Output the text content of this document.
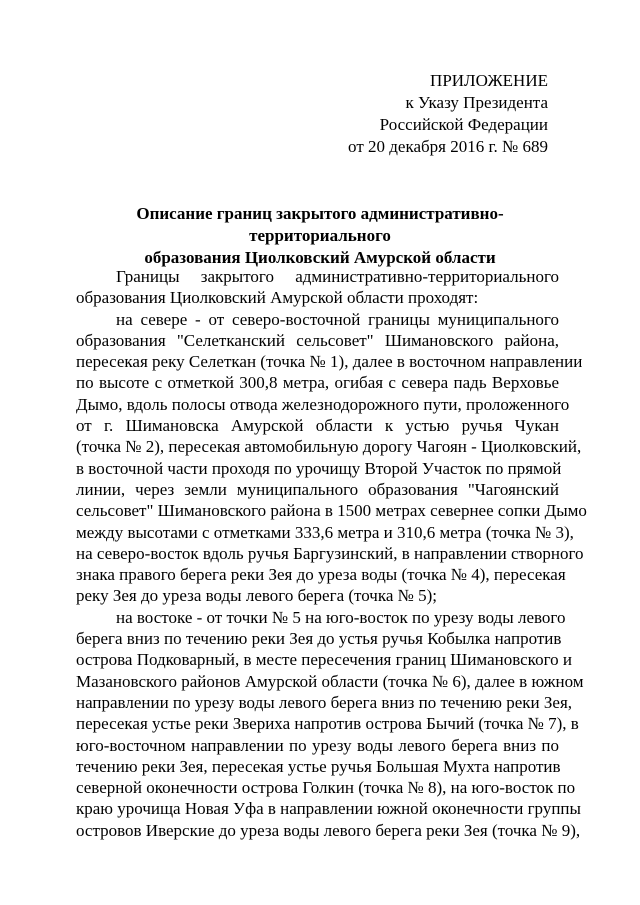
ПРИЛОЖЕНИЕ
к Указу Президента
Российской Федерации
от 20 декабря 2016 г. № 689
Описание границ закрытого административно-территориального
образования Циолковский Амурской области

Границы закрытого административно-территориального
образования Циолковский Амурской области проходят:

на севере - от северо-восточной границы муниципального
образования "Селетканский сельсовет" Шимановского района,
пересекая реку Селеткан (точка № 1), далее в восточном направлении
по высоте с отметкой 300,8 метра, огибая с севера падь Верховье
Дымо, вдоль полосы отвода железнодорожного пути, проложенного
от г. Шимановска Амурской области к устью ручья Чукан
(точка № 2), пересекая автомобильную дорогу Чагоян - Циолковский,
в восточной части проходя по урочищу Второй Участок по прямой
линии, через земли муниципального образования "Чагоянский
сельсовет" Шимановского района в 1500 метрах севернее сопки Дымо
между высотами с отметками 333,6 метра и 310,6 метра (точка № 3),
на северо-восток вдоль ручья Баргузинский, в направлении створного
знака правого берега реки Зея до уреза воды (точка № 4), пересекая
реку Зея до уреза воды левого берега (точка № 5);

на востоке - от точки № 5 на юго-восток по урезу воды левого
берега вниз по течению реки Зея до устья ручья Кобылка напротив
острова Подковарный, в месте пересечения границ Шимановского и
Мазановского районов Амурской области (точка № 6), далее в южном
направлении по урезу воды левого берега вниз по течению реки Зея,
пересекая устье реки Звериха напротив острова Бычий (точка № 7), в
юго-восточном направлении по урезу воды левого берега вниз по
течению реки Зея, пересекая устье ручья Большая Мухта напротив
северной оконечности острова Голкин (точка № 8), на юго-восток по
краю урочища Новая Уфа в направлении южной оконечности группы
островов Иверские до уреза воды левого берега реки Зея (точка № 9),
